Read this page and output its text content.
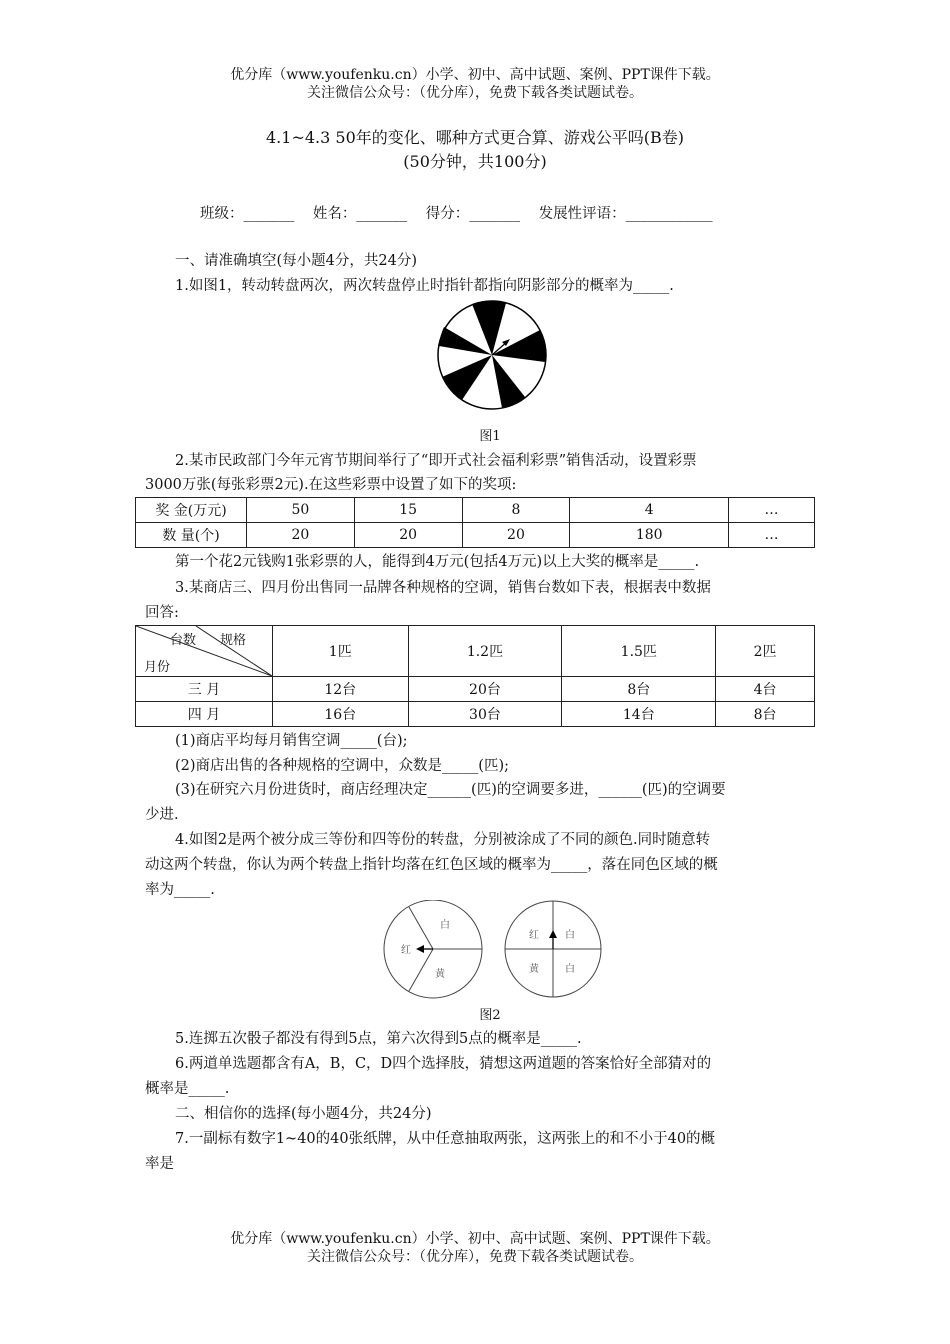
优分库（www.youfenku.cn）小学、初中、高中试题、案例、PPT课件下载。
关注微信公众号：（优分库），免费下载各类试题试卷。
4.1~4.3 50年的变化、哪种方式更合算、游戏公平吗(B卷)
(50分钟，共100分)
班级：_______ 姓名：_______ 得分：_______ 发展性评语：____________
一、请准确填空(每小题4分，共24分)
1.如图1，转动转盘两次，两次转盘停止时指针都指向阴影部分的概率为_____.
图1
2.某市民政部门今年元宵节期间举行了“即开式社会福利彩票”销售活动，设置彩票
3000万张(每张彩票2元).在这些彩票中设置了如下的奖项:
奖 金(万元)	50	15	8	4	…
数 量(个)	20	20	20	180	…
第一个花2元钱购1张彩票的人，能得到4万元(包括4万元)以上大奖的概率是_____.
3.某商店三、四月份出售同一品牌各种规格的空调，销售台数如下表，根据表中数据
回答:
台数 规格
月份	1匹	1.2匹	1.5匹	2匹
三 月	12台	20台	8台	4台
四 月	16台	30台	14台	8台
(1)商店平均每月销售空调_____(台);
(2)商店出售的各种规格的空调中，众数是_____(匹);
(3)在研究六月份进货时，商店经理决定______(匹)的空调要多进，______(匹)的空调要
少进.
4.如图2是两个被分成三等份和四等份的转盘，分别被涂成了不同的颜色.同时随意转
动这两个转盘，你认为两个转盘上指针均落在红色区域的概率为_____，落在同色区域的概
率为_____.
白
红
黄
红	白
黄	白
图2
5.连掷五次骰子都没有得到5点，第六次得到5点的概率是_____.
6.两道单选题都含有A，B，C，D四个选择肢，猜想这两道题的答案恰好全部猜对的
概率是_____.
二、相信你的选择(每小题4分，共24分)
7.一副标有数字1~40的40张纸牌，从中任意抽取两张，这两张上的和不小于40的概
率是
优分库（www.youfenku.cn）小学、初中、高中试题、案例、PPT课件下载。
关注微信公众号：（优分库），免费下载各类试题试卷。
